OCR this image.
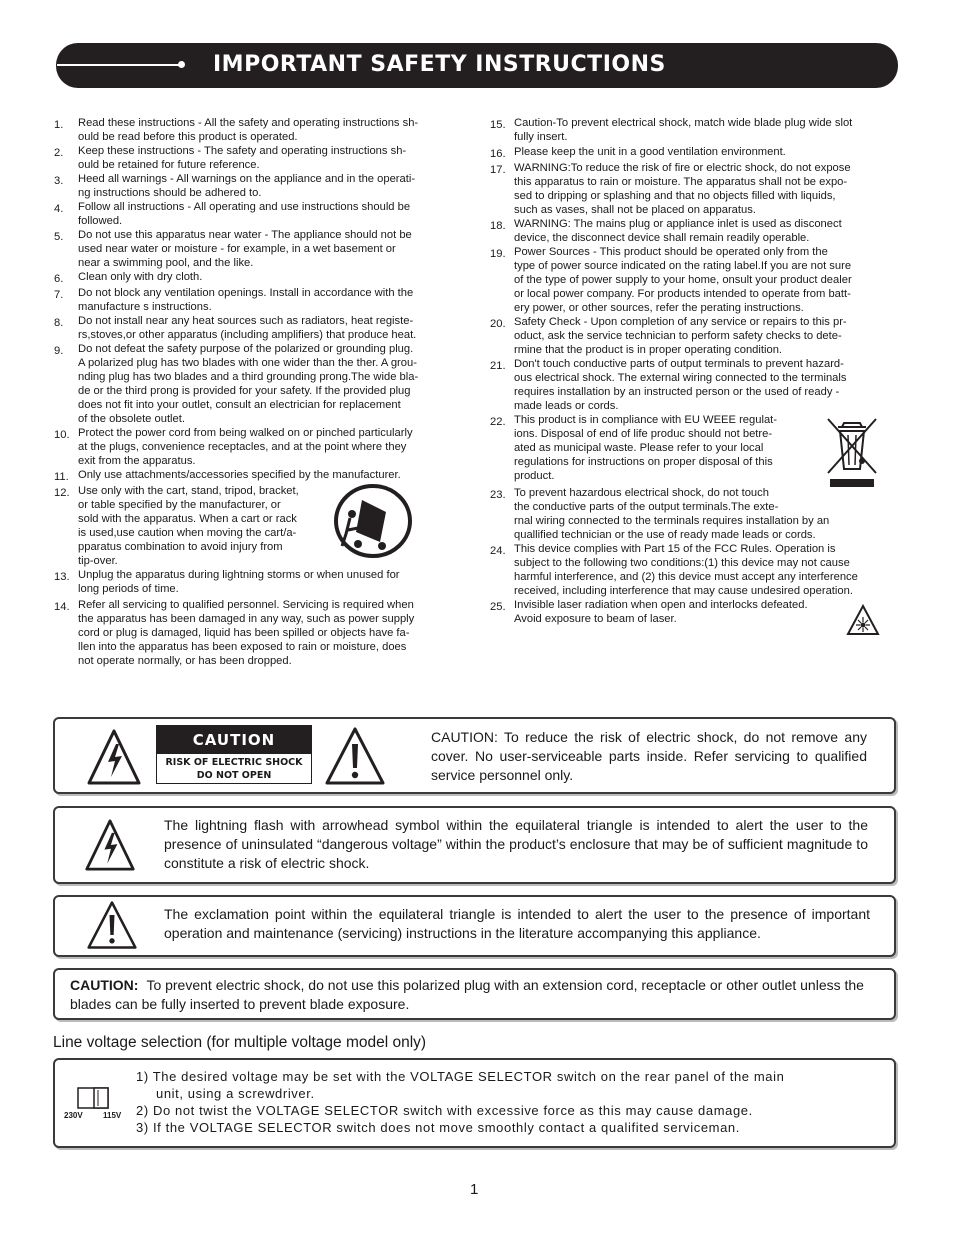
IMPORTANT SAFETY INSTRUCTIONS
1.	Read these instructions - All the safety and operating instructions sh-
ould be read before this product is operated.
2.	Keep these instructions - The safety and operating instructions sh-
ould be retained for future reference.
3.	Heed all warnings - All warnings on the appliance and in the operati-
ng instructions should be adhered to.
4.	Follow all instructions - All operating and use instructions should be
followed.
5.	Do not use this apparatus near water - The appliance should not be
used near water or moisture - for example, in a wet basement or
near a swimming pool, and the like.
6.	Clean only with dry cloth.
7.	Do not block any ventilation openings. Install in accordance with the
manufacture s instructions.
8.	Do not install near any heat sources such as radiators, heat registe-
rs,stoves,or other apparatus (including amplifiers) that produce heat.
9.	Do not defeat the safety purpose of the polarized or grounding plug.
A polarized plug has two blades with one wider than the ther. A grou-
nding plug has two blades and a third grounding prong.The wide bla-
de or the third prong is provided for your safety. If the provided plug
does not fit into your outlet, consult an electrician for replacement
of the obsolete outlet.
10. Protect the power cord from being walked on or pinched particularly
at the plugs, convenience receptacles, and at the point where they
exit from the apparatus.
11. Only use attachments/accessories specified by the manufacturer.
12. Use only with the cart, stand, tripod, bracket,
or table specified by the manufacturer, or
sold with the apparatus. When a cart or rack
is used,use caution when moving the cart/a-
pparatus combination to avoid injury from
tip-over.
13. Unplug the apparatus during lightning storms or when unused for
long periods of time.
14. Refer all servicing to qualified personnel. Servicing is required when
the apparatus has been damaged in any way, such as power supply
cord or plug is damaged, liquid has been spilled or objects have fa-
llen into the apparatus has been exposed to rain or moisture, does
not operate normally, or has been dropped.
15. Caution-To prevent electrical shock, match wide blade plug wide slot
fully insert.
16. Please keep the unit in a good ventilation environment.
17. WARNING:To reduce the risk of fire or electric shock, do not expose
this apparatus to rain or moisture. The apparatus shall not be expo-
sed to dripping or splashing and that no objects filled with liquids,
such as vases, shall not be placed on apparatus.
18. WARNING: The mains plug or appliance inlet is used as disconect
device, the disconnect device shall remain readily operable.
19. Power Sources - This product should be operated only from the
type of power source indicated on the rating label.If you are not sure
of the type of power supply to your home, onsult your product dealer
or local power company. For products intended to operate from batt-
ery power, or other sources, refer the perating instructions.
20. Safety Check - Upon completion of any service or repairs to this pr-
oduct, ask the service technician to perform safety checks to dete-
rmine that the product is in proper operating condition.
21. Don't touch conductive parts of output terminals to prevent hazard-
ous electrical shock. The external wiring connected to the terminals
requires installation by an instructed person or the used of ready -
made leads or cords.
22. This product is in compliance with EU WEEE regulat-
ions. Disposal of end of life produc should not betre-
ated as municipal waste. Please refer to your local
regulations for instructions on proper disposal of this
product.
23. To prevent hazardous electrical shock, do not touch
the conductive parts of the output terminals.The exte-
rnal wiring connected to the terminals requires installation by an
quallified technician or the use of ready made leads or cords.
24. This device complies with Part 15 of the FCC Rules. Operation is
subject to the following two conditions:(1) this device may not cause
harmful interference, and (2) this device must accept any interference
received, including interference that may cause undesired operation.
25. Invisible laser radiation when open and interlocks defeated.
Avoid exposure to beam of laser.
CAUTION
RISK OF ELECTRIC SHOCK
DO NOT OPEN
CAUTION: To reduce the risk of electric shock, do not remove any cover. No user-serviceable parts inside. Refer servicing to qualified service personnel only.
The lightning flash with arrowhead symbol within the equilateral triangle is intended to alert the user to the presence of uninsulated “dangerous voltage” within the product’s enclosure that may be of sufficient magnitude to constitute a risk of electric shock.
The exclamation point within the equilateral triangle is intended to alert the user to the presence of important operation and maintenance (servicing) instructions in the literature accompanying this appliance.
CAUTION: To prevent electric shock, do not use this polarized plug with an extension cord, receptacle or other outlet unless the blades can be fully inserted to prevent blade exposure.
Line voltage selection (for multiple voltage model only)
230V	115V
1) The desired voltage may be set with the VOLTAGE SELECTOR switch on the rear panel of the main
unit, using a screwdriver.
2) Do not twist the VOLTAGE SELECTOR switch with excessive force as this may cause damage.
3) If the VOLTAGE SELECTOR switch does not move smoothly contact a qualifited serviceman.
1
